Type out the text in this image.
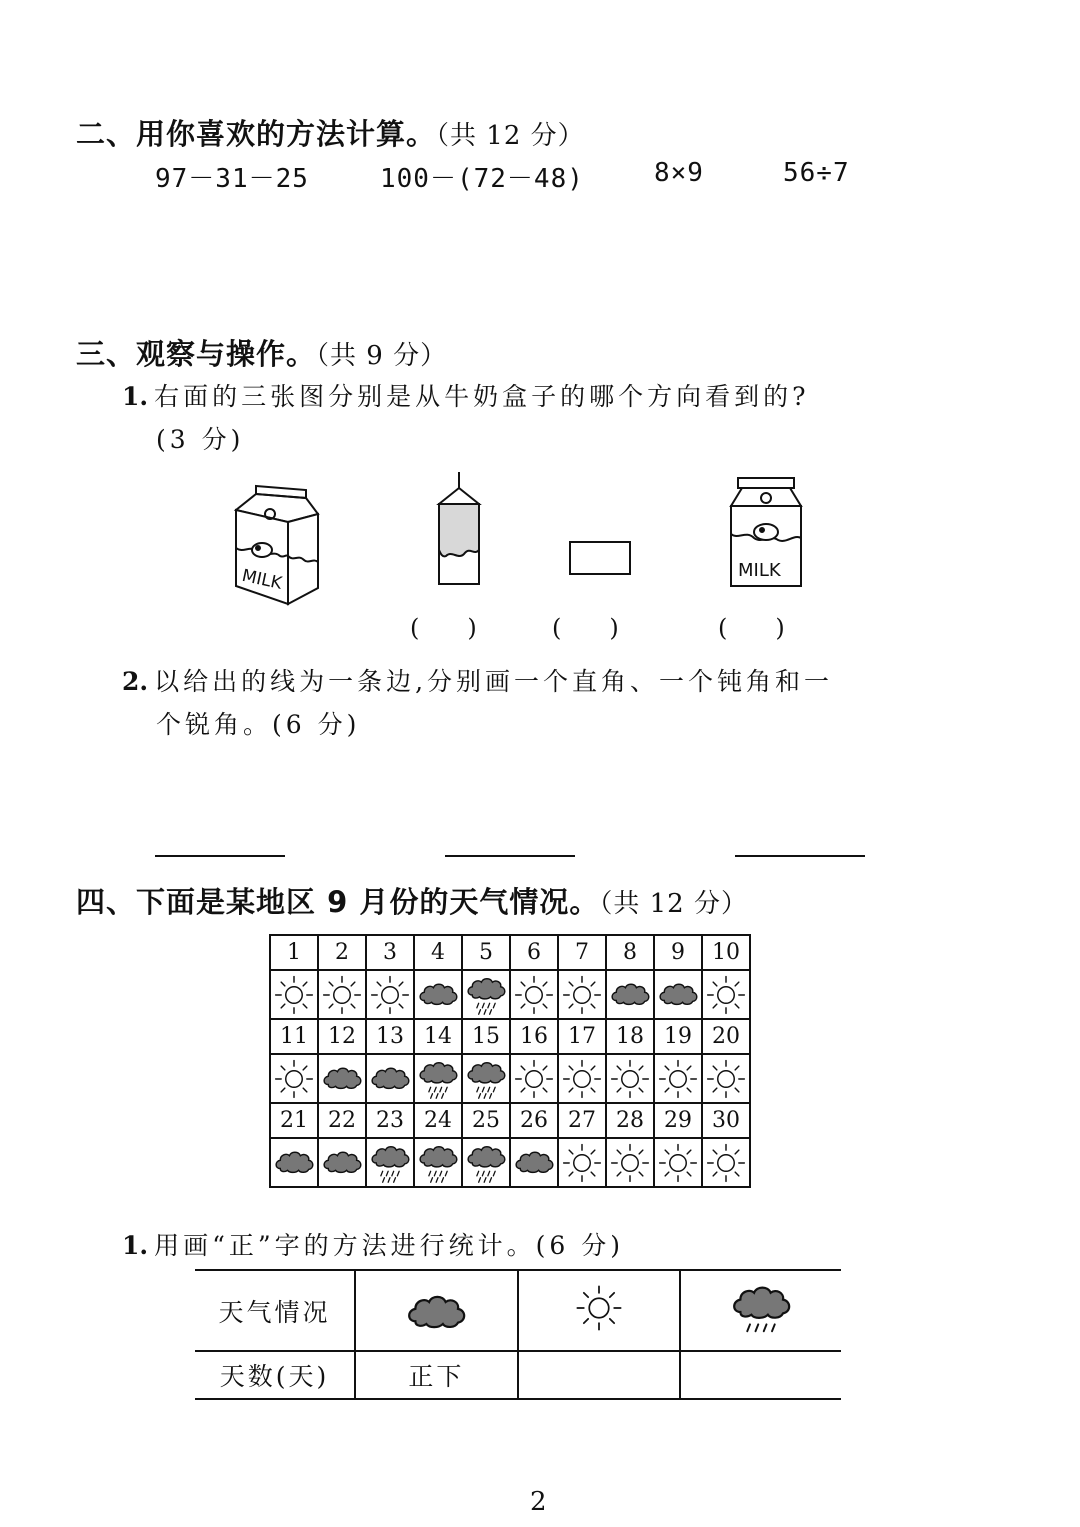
二、用你喜欢的方法计算。（共 12 分）
97－31－25	100－(72－48)	8×9	56÷7
三、观察与操作。（共 9 分）
1. 右面的三张图分别是从牛奶盒子的哪个方向看到的?
(3 分)
MILK	MILK
(　　)	(　　)	(　　)
2. 以给出的线为一条边,分别画一个直角、一个钝角和一
个锐角。(6 分)
四、下面是某地区 9 月份的天气情况。（共 12 分）
1	2	3	4	5	6	7	8	9	10

11	12	13	14	15	16	17	18	19	20

21	22	23	24	25	26	27	28	29	30

1. 用画“正”字的方法进行统计。(6 分)
天气情况			
天数(天)	正下		
2
